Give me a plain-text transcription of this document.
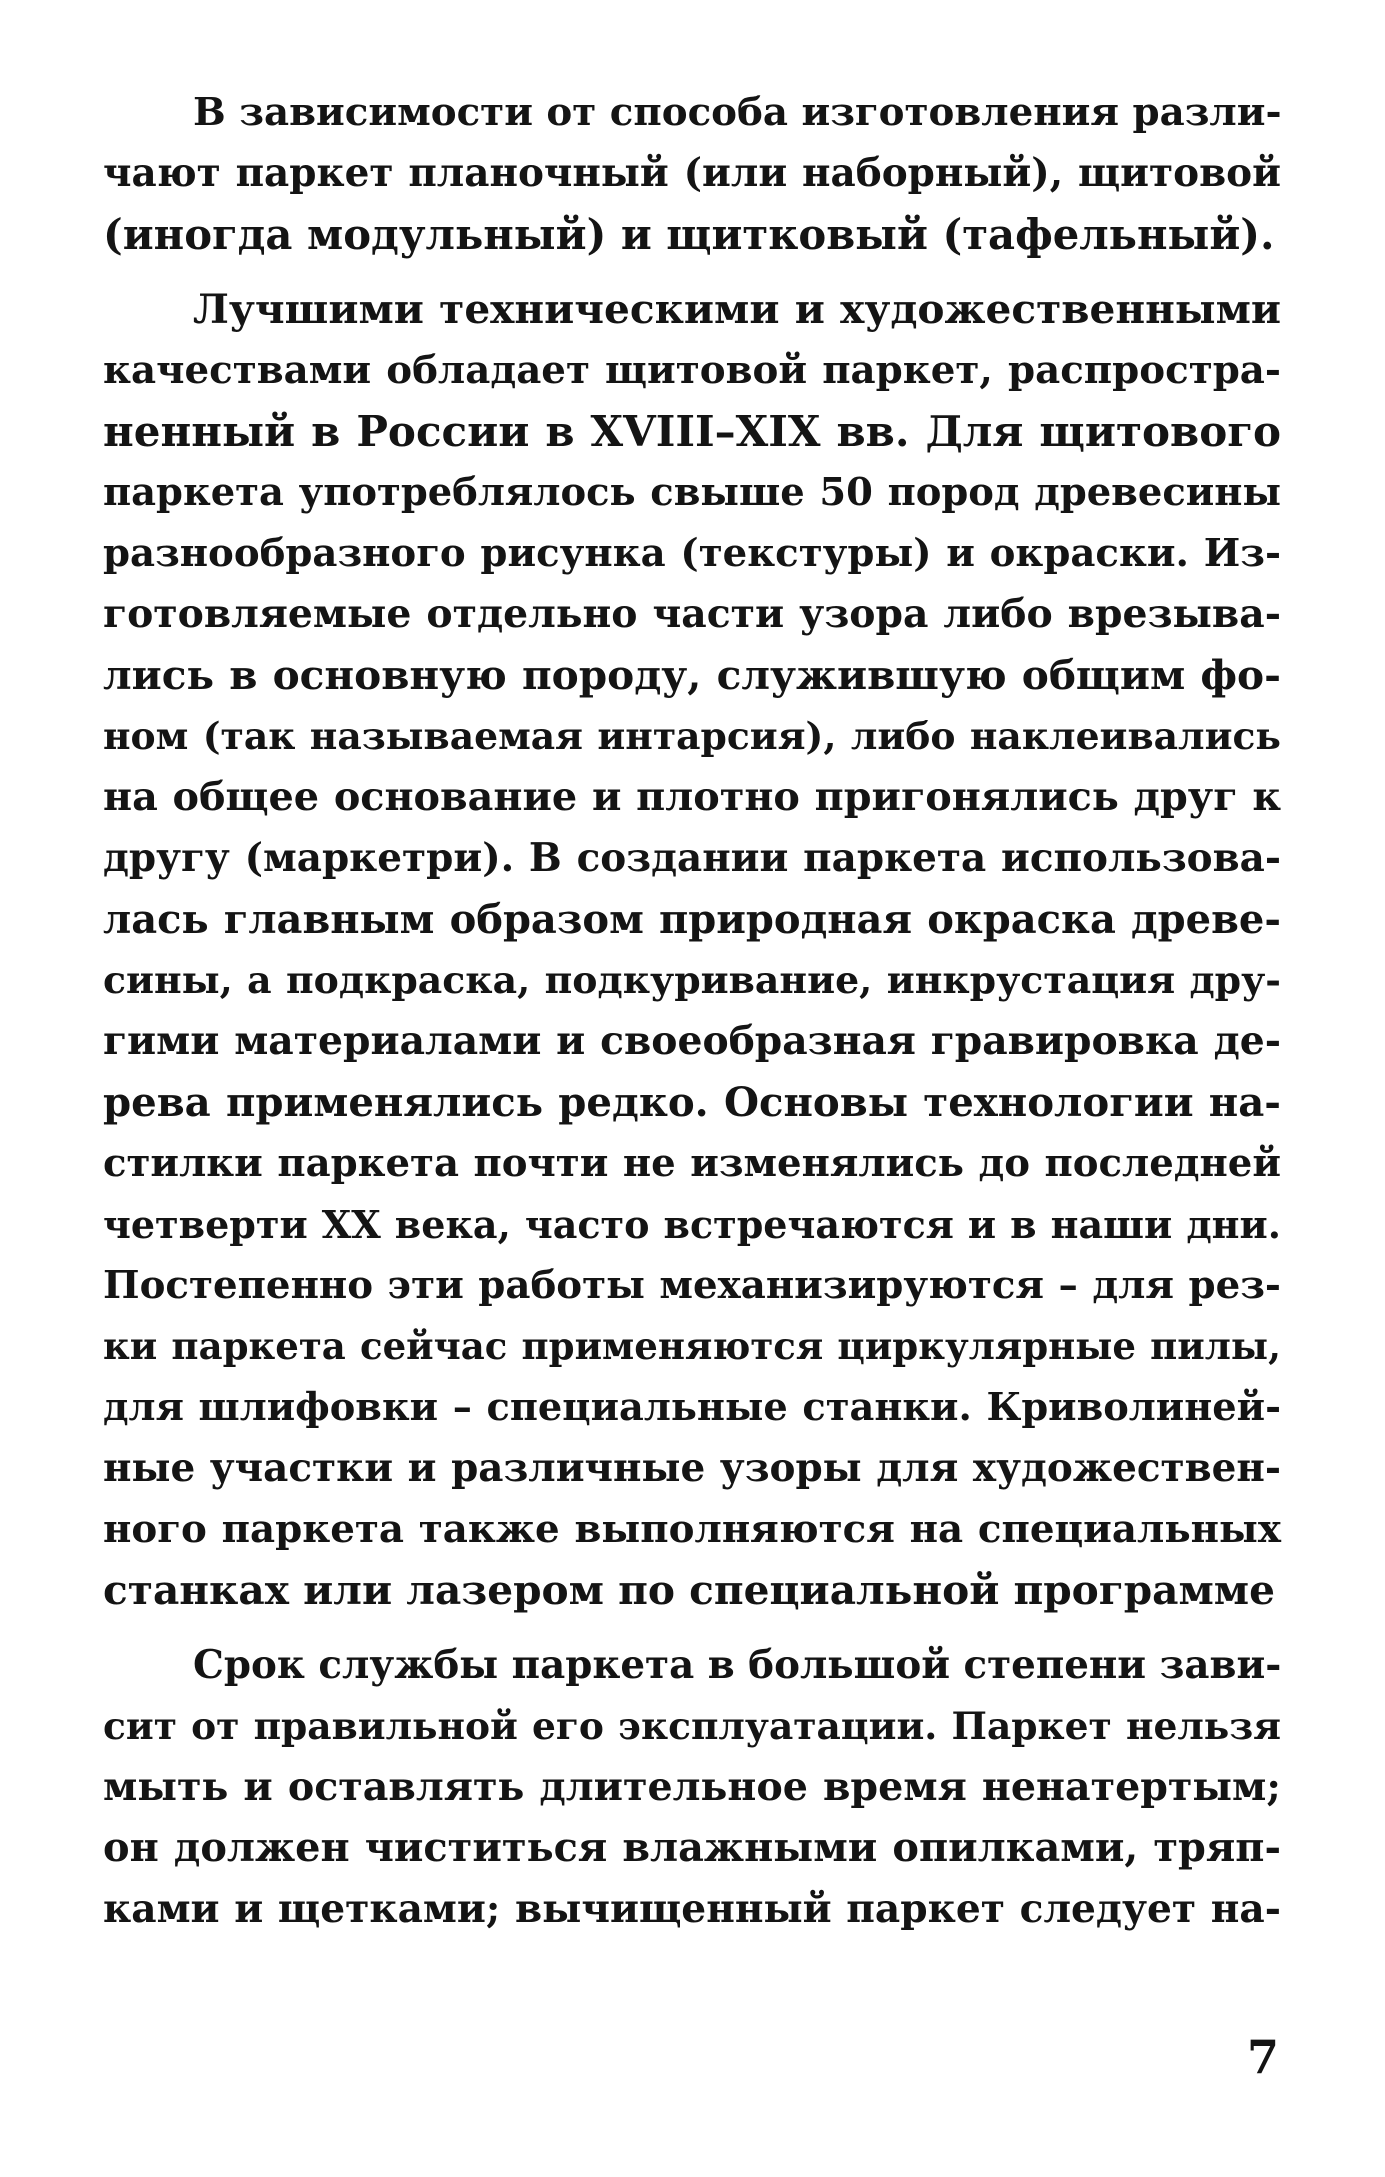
В зависимости от способа изготовления разли-
чают паркет планочный (или наборный), щитовой
(иногда модульный) и щитковый (тафельный).
Лучшими техническими и художественными
качествами обладает щитовой паркет, распростра-
ненный в России в XVIII–XIX вв. Для щитового
паркета употреблялось свыше 50 пород древесины
разнообразного рисунка (текстуры) и окраски. Из-
готовляемые отдельно части узора либо врезыва-
лись в основную породу, служившую общим фо-
ном (так называемая интарсия), либо наклеивались
на общее основание и плотно пригонялись друг к
другу (маркетри). В создании паркета использова-
лась главным образом природная окраска древе-
сины, а подкраска, подкуривание, инкрустация дру-
гими материалами и своеобразная гравировка де-
рева применялись редко. Основы технологии на-
стилки паркета почти не изменялись до последней
четверти XX века, часто встречаются и в наши дни.
Постепенно эти работы механизируются – для рез-
ки паркета сейчас применяются циркулярные пилы,
для шлифовки – специальные станки. Криволиней-
ные участки и различные узоры для художествен-
ного паркета также выполняются на специальных
станках или лазером по специальной программе
Срок службы паркета в большой степени зави-
сит от правильной его эксплуатации. Паркет нельзя
мыть и оставлять длительное время ненатертым;
он должен чиститься влажными опилками, тряп-
ками и щетками; вычищенный паркет следует на-
7
